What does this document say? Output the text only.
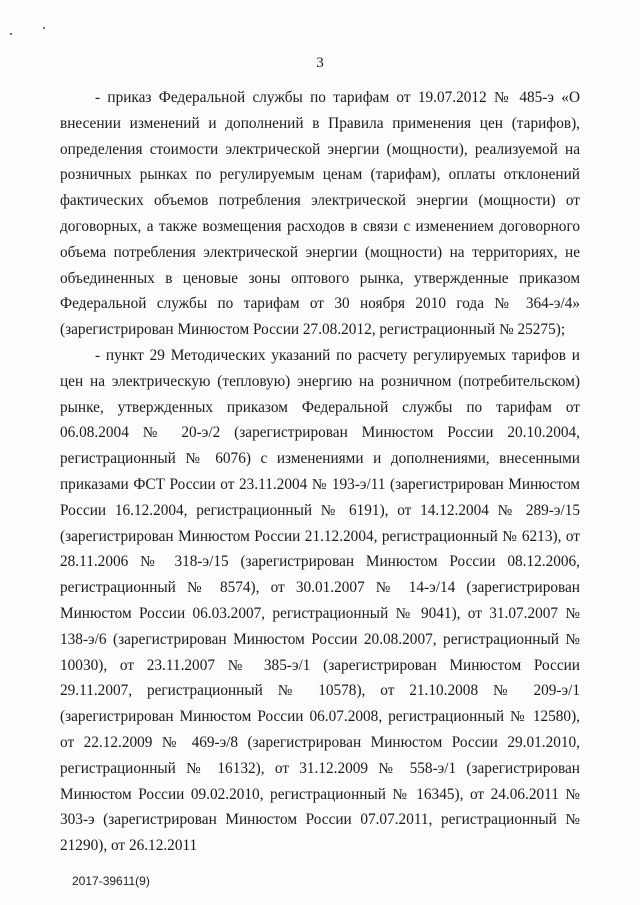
3

- приказ Федеральной службы по тарифам от 19.07.2012 № 485-э «О внесении изменений и дополнений в Правила применения цен (тарифов), определения стоимости электрической энергии (мощности), реализуемой на розничных рынках по регулируемым ценам (тарифам), оплаты отклонений фактических объемов потребления электрической энергии (мощности) от договорных, а также возмещения расходов в связи с изменением договорного объема потребления электрической энергии (мощности) на территориях, не объединенных в ценовые зоны оптового рынка, утвержденные приказом Федеральной службы по тарифам от 30 ноября 2010 года № 364-э/4» (зарегистрирован Минюстом России 27.08.2012, регистрационный № 25275);

- пункт 29 Методических указаний по расчету регулируемых тарифов и цен на электрическую (тепловую) энергию на розничном (потребительском) рынке, утвержденных приказом Федеральной службы по тарифам от 06.08.2004 № 20-э/2 (зарегистрирован Минюстом России 20.10.2004, регистрационный № 6076) с изменениями и дополнениями, внесенными приказами ФСТ России от 23.11.2004 № 193-э/11 (зарегистрирован Минюстом России 16.12.2004, регистрационный № 6191), от 14.12.2004 № 289-э/15 (зарегистрирован Минюстом России 21.12.2004, регистрационный № 6213), от 28.11.2006 № 318-э/15 (зарегистрирован Минюстом России 08.12.2006, регистрационный № 8574), от 30.01.2007 № 14-э/14 (зарегистрирован Минюстом России 06.03.2007, регистрационный № 9041), от 31.07.2007 № 138-э/6 (зарегистрирован Минюстом России 20.08.2007, регистрационный № 10030), от 23.11.2007 № 385-э/1 (зарегистрирован Минюстом России 29.11.2007, регистрационный № 10578), от 21.10.2008 № 209-э/1 (зарегистрирован Минюстом России 06.07.2008, регистрационный № 12580), от 22.12.2009 № 469-э/8 (зарегистрирован Минюстом России 29.01.2010, регистрационный № 16132), от 31.12.2009 № 558-э/1 (зарегистрирован Минюстом России 09.02.2010, регистрационный № 16345), от 24.06.2011 № 303-э (зарегистрирован Минюстом России 07.07.2011, регистрационный № 21290), от 26.12.2011

2017-39611(9)
